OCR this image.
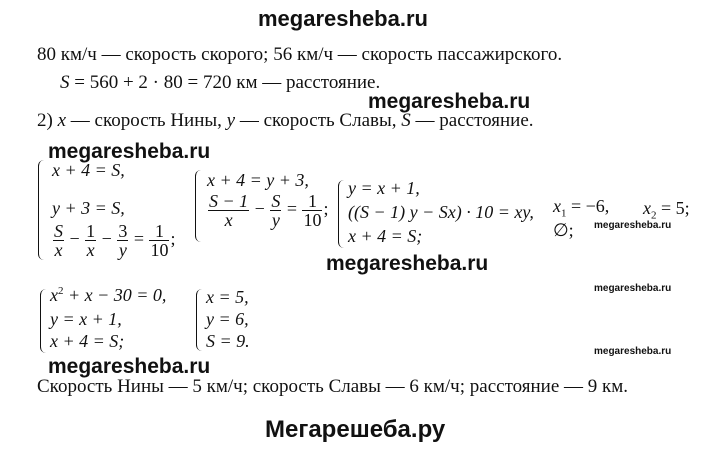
megaresheba.ru
80 км/ч — скорость скорого; 56 км/ч — скорость пассажирского.
S = 560 + 2 · 80 = 720 км — расстояние.
megaresheba.ru
2) x — скорость Нины, y — скорость Славы, S — расстояние.
megaresheba.ru
x + 4 = S,
y + 3 = S,
$\frac{S}{x} - \frac{1}{x} - \frac{3}{y} = \frac{1}{10}$ ;
x + 4 = y + 3,
$\frac{S - 1}{x} - \frac{S}{y} = \frac{1}{10}$ ;
y = x + 1,
((S − 1) y − Sx) · 10 = xy,
x + 4 = S;
$x_1 = -6$, $x_2 = 5$;
∅; megaresheba.ru
megaresheba.ru
$x^2 + x - 30 = 0$,
y = x + 1,
x + 4 = S;
x = 5,
y = 6,
S = 9.
megaresheba.ru
megaresheba.ru
megaresheba.ru
Скорость Нины — 5 км/ч; скорость Славы — 6 км/ч; расстояние — 9 км.
Мегарешеба.ру
